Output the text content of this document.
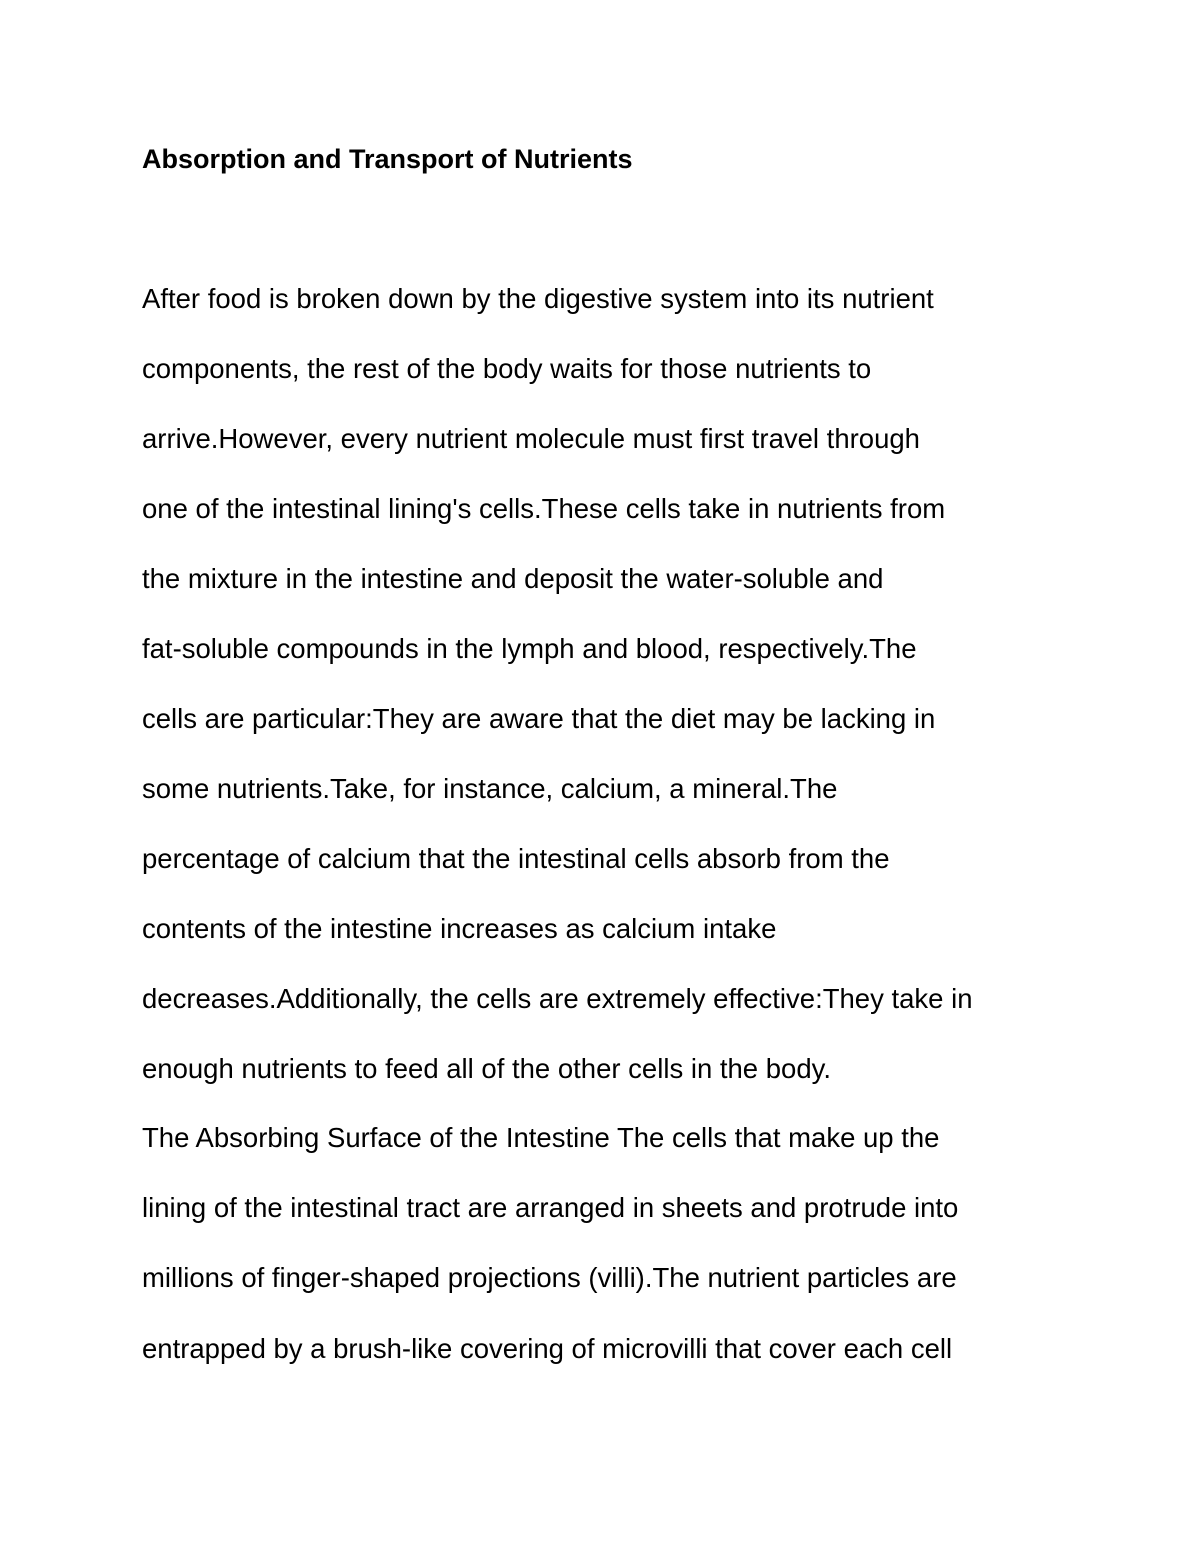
Absorption and Transport of Nutrients

After food is broken down by the digestive system into its nutrient

components, the rest of the body waits for those nutrients to

arrive.However, every nutrient molecule must first travel through

one of the intestinal lining's cells.These cells take in nutrients from

the mixture in the intestine and deposit the water-soluble and

fat-soluble compounds in the lymph and blood, respectively.The

cells are particular:They are aware that the diet may be lacking in

some nutrients.Take, for instance, calcium, a mineral.The

percentage of calcium that the intestinal cells absorb from the

contents of the intestine increases as calcium intake

decreases.Additionally, the cells are extremely effective:They take in

enough nutrients to feed all of the other cells in the body.

The Absorbing Surface of the Intestine The cells that make up the

lining of the intestinal tract are arranged in sheets and protrude into

millions of finger-shaped projections (villi).The nutrient particles are

entrapped by a brush-like covering of microvilli that cover each cell
